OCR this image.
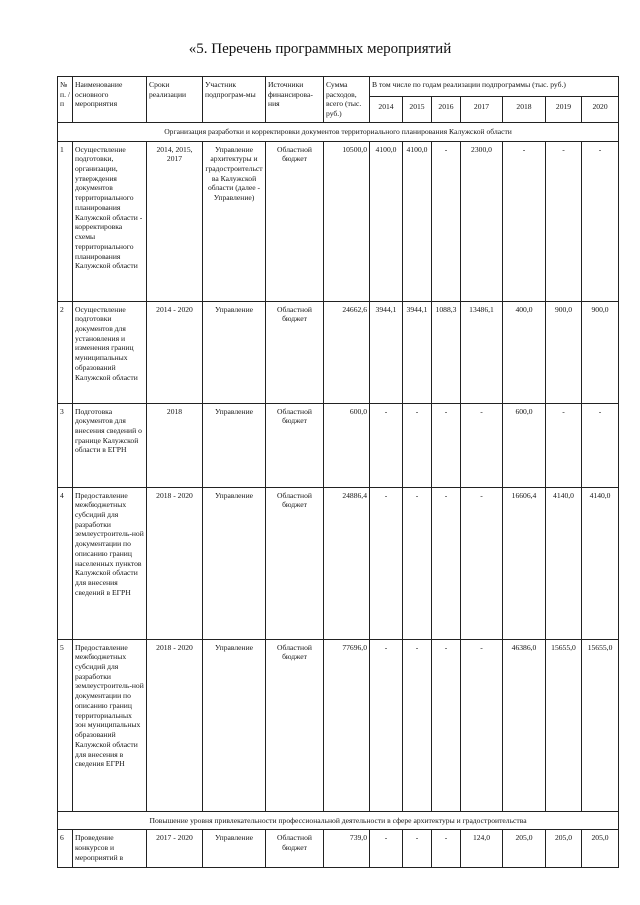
«5. Перечень программных мероприятий
№ п. /п	Наименование основного мероприятия	Сроки реализации	Участник подпрограм-мы	Источники финансирова-ния	Сумма расходов, всего (тыс. руб.)	В том числе по годам реализации подпрограммы (тыс. руб.)						
						2014	2015	2016	2017	2018	2019	2020
Организация разработки и корректировки документов территориального планирования Калужской области												
1	Осуществление подготовки, организации, утверждения документов территориального планирования Калужской области - корректировка схемы территориального планирования Калужской области	2014, 2015, 2017	Управление архитектуры и градостроительства Калужской области (далее - Управление)	Областной бюджет	10500,0	4100,0	4100,0	-	2300,0	-	-	-
2	Осуществление подготовки документов для установления и изменения границ муниципальных образований Калужской области	2014 - 2020	Управление	Областной бюджет	24662,6	3944,1	3944,1	1088,3	13486,1	400,0	900,0	900,0
3	Подготовка документов для внесения сведений о границе Калужской области в ЕГРН	2018	Управление	Областной бюджет	600,0	-	-	-	-	600,0	-	-
4	Предоставление межбюджетных субсидий для разработки землеустроитель-ной документации по описанию границ населенных пунктов Калужской области для внесения сведений в ЕГРН	2018 - 2020	Управление	Областной бюджет	24886,4	-	-	-	-	16606,4	4140,0	4140,0
5	Предоставление межбюджетных субсидий для разработки землеустроитель-ной документации по описанию границ территориальных зон муниципальных образований Калужской области для внесения в сведения ЕГРН	2018 - 2020	Управление	Областной бюджет	77696,0	-	-	-	-	46386,0	15655,0	15655,0
Повышение уровня привлекательности профессиональной деятельности в сфере архитектуры и градостроительства												
6	Проведение конкурсов и мероприятий в	2017 - 2020	Управление	Областной бюджет	739,0	-	-	-	124,0	205,0	205,0	205,0
